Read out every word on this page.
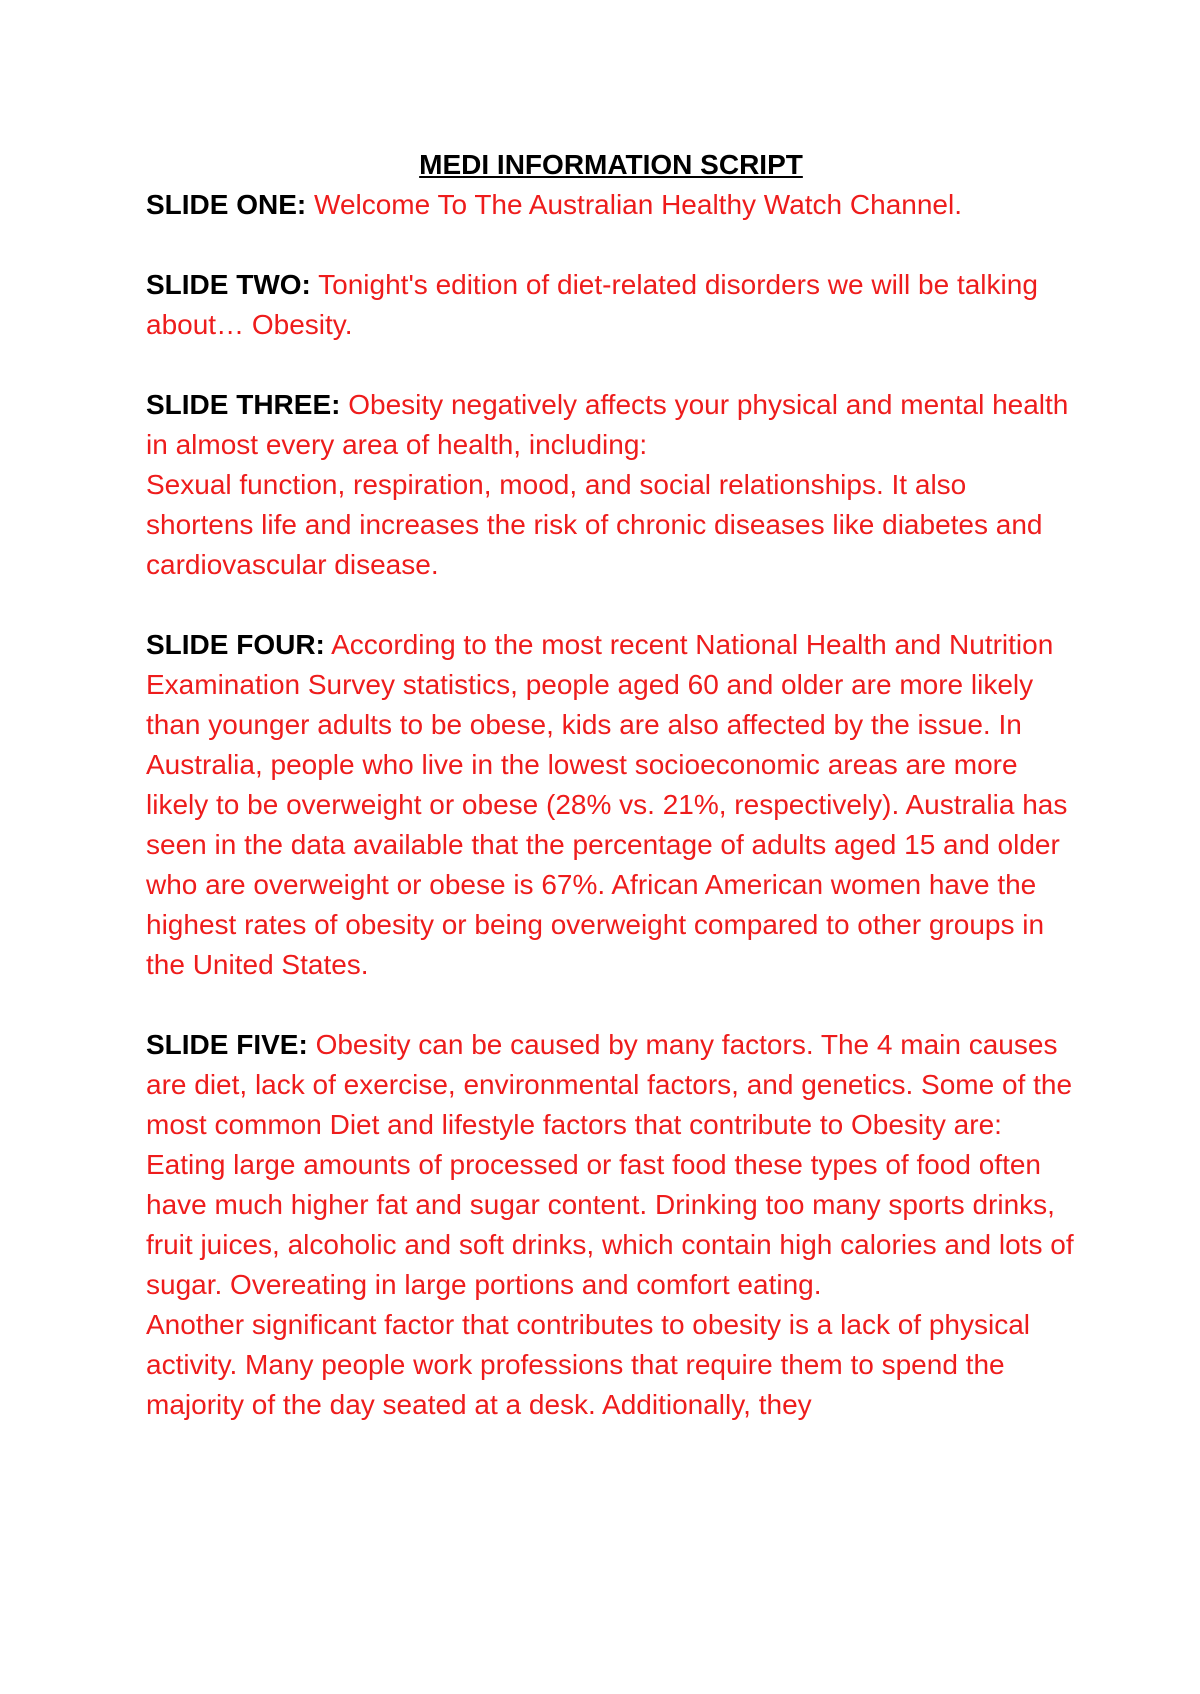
MEDI INFORMATION SCRIPT

SLIDE ONE: Welcome To The Australian Healthy Watch Channel.
SLIDE TWO: Tonight's edition of diet-related disorders we will be talking about… Obesity.
SLIDE THREE: Obesity negatively affects your physical and mental health in almost every area of health, including:

Sexual function, respiration, mood, and social relationships. It also shortens life and increases the risk of chronic diseases like diabetes and cardiovascular disease.

SLIDE FOUR: According to the most recent National Health and Nutrition Examination Survey statistics, people aged 60 and older are more likely than younger adults to be obese, kids are also affected by the issue. In Australia, people who live in the lowest socioeconomic areas are more likely to be overweight or obese (28% vs. 21%, respectively). Australia has seen in the data available that the percentage of adults aged 15 and older who are overweight or obese is 67%. African American women have the highest rates of obesity or being overweight compared to other groups in the United States.
SLIDE FIVE: Obesity can be caused by many factors. The 4 main causes are diet, lack of exercise, environmental factors, and genetics. Some of the most common Diet and lifestyle factors that contribute to Obesity are:

Eating large amounts of processed or fast food these types of food often have much higher fat and sugar content. Drinking too many sports drinks, fruit juices, alcoholic and soft drinks, which contain high calories and lots of sugar. Overeating in large portions and comfort eating.

Another significant factor that contributes to obesity is a lack of physical activity. Many people work professions that require them to spend the majority of the day seated at a desk. Additionally, they
